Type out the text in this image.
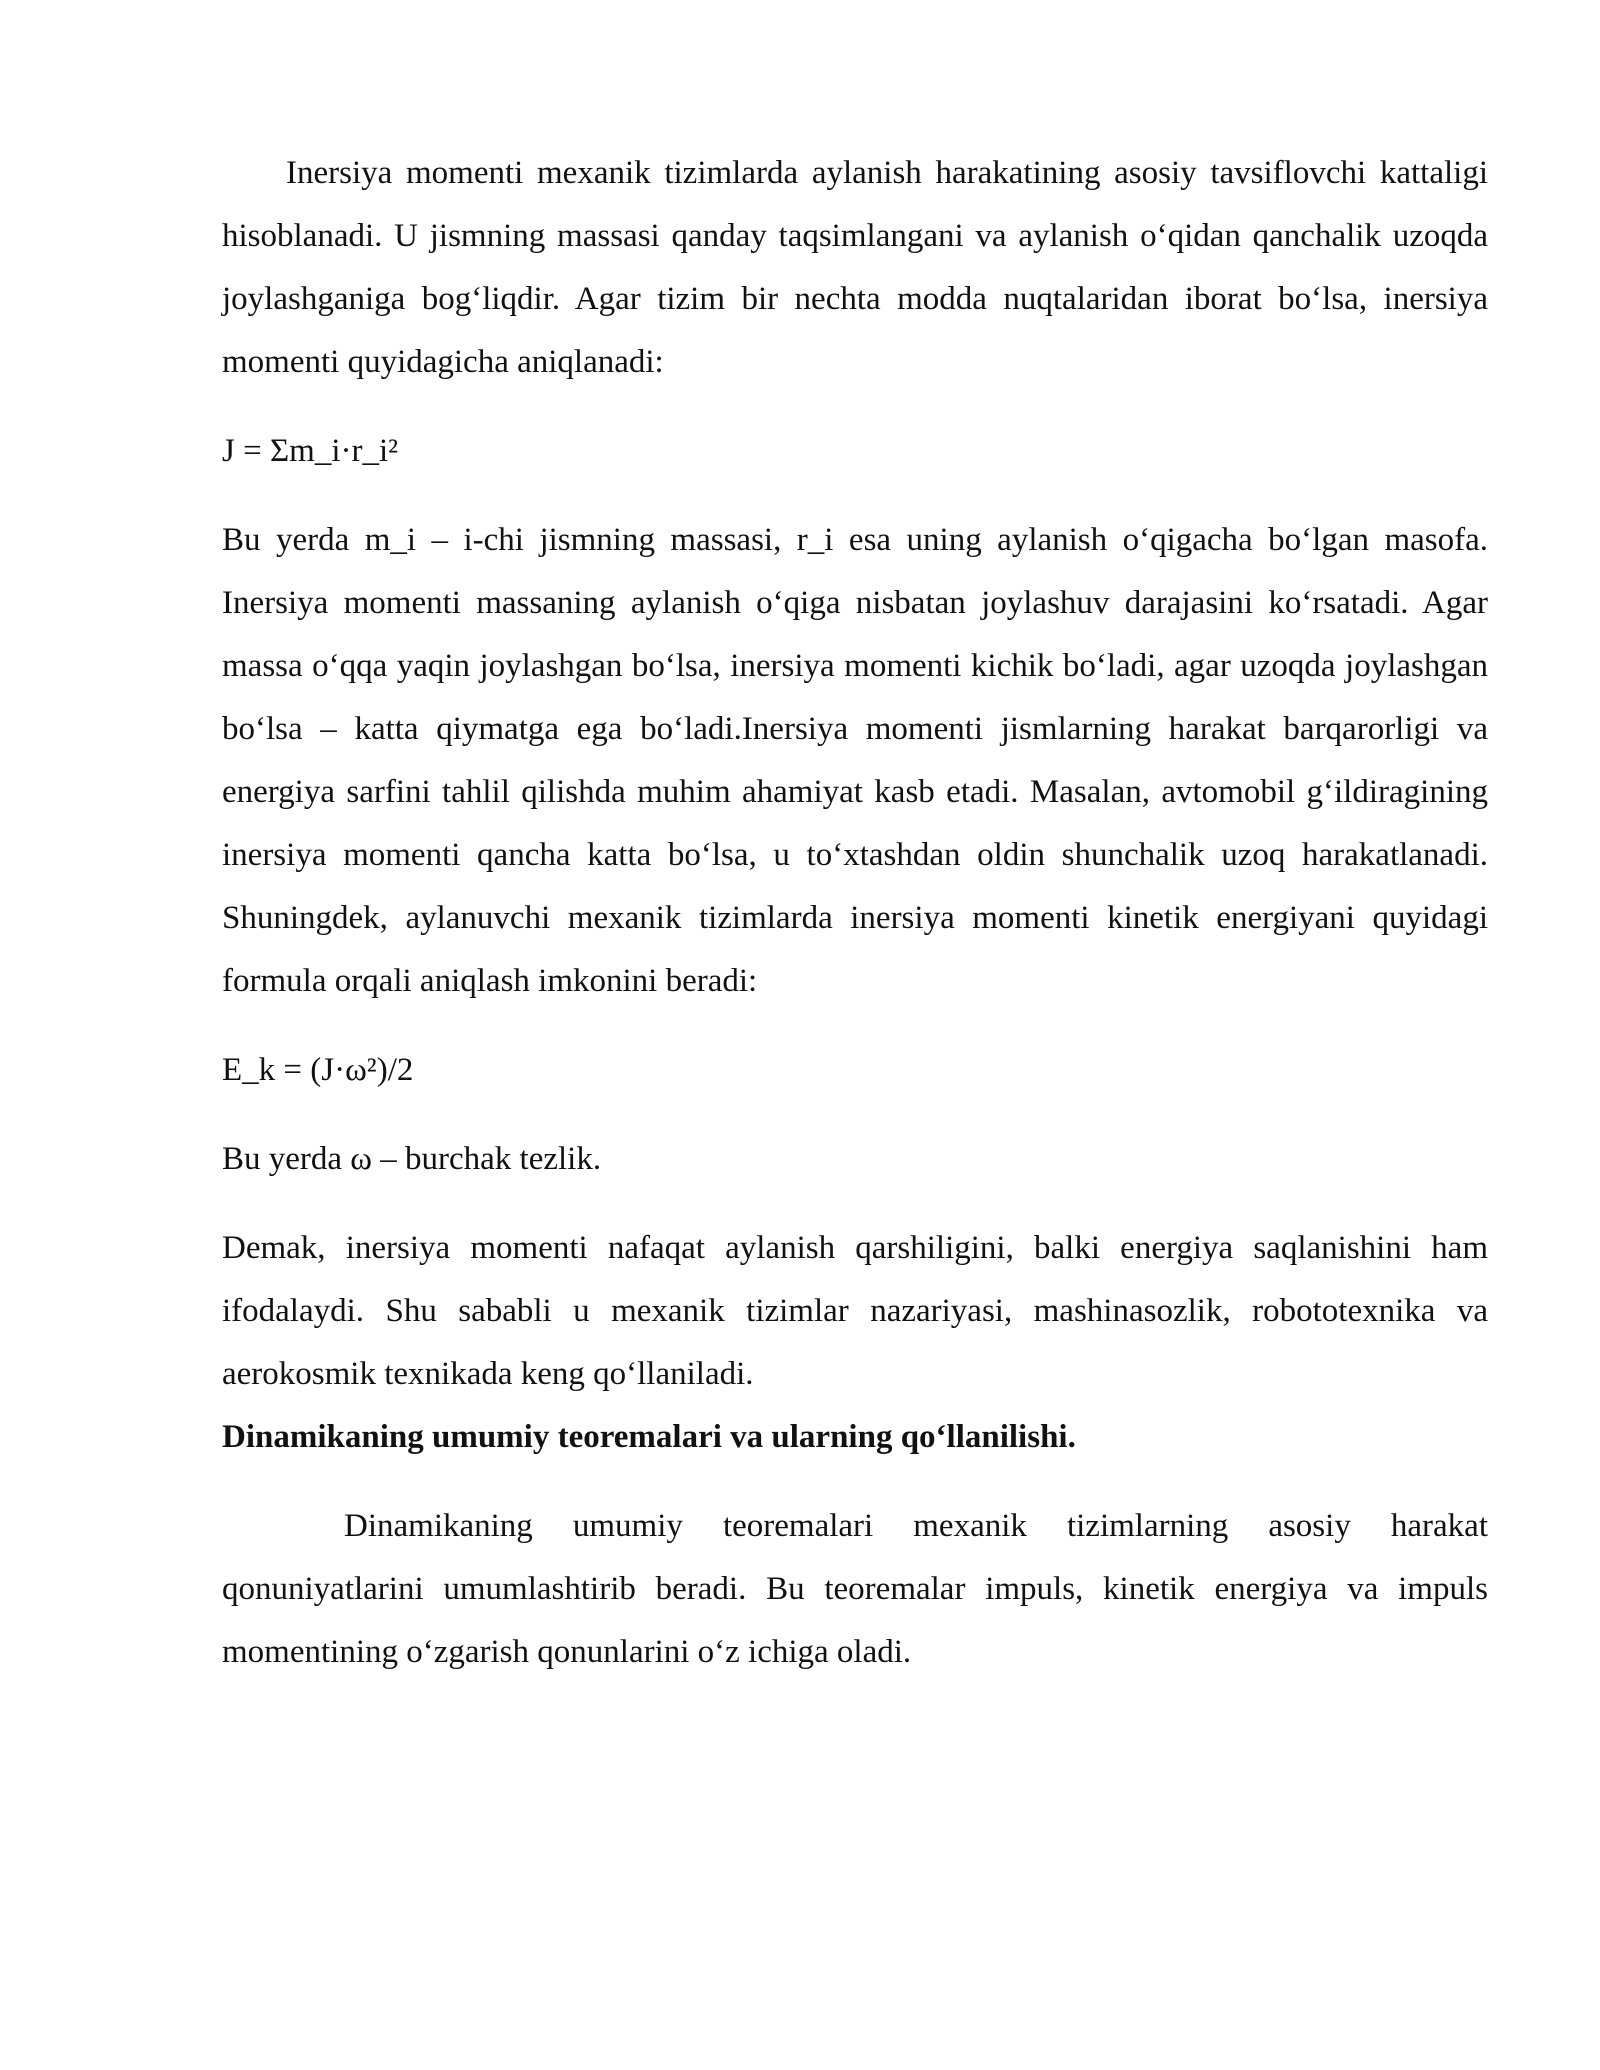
Inersiya momenti mexanik tizimlarda aylanish harakatining asosiy tavsiflovchi kattaligi hisoblanadi. U jismning massasi qanday taqsimlangani va aylanish o‘qidan qanchalik uzoqda joylashganiga bog‘liqdir. Agar tizim bir nechta modda nuqtalaridan iborat bo‘lsa, inersiya momenti quyidagicha aniqlanadi:

J = Σm_i·r_i²

Bu yerda m_i – i-chi jismning massasi, r_i esa uning aylanish o‘qigacha bo‘lgan masofa. Inersiya momenti massaning aylanish o‘qiga nisbatan joylashuv darajasini ko‘rsatadi. Agar massa o‘qqa yaqin joylashgan bo‘lsa, inersiya momenti kichik bo‘ladi, agar uzoqda joylashgan bo‘lsa – katta qiymatga ega bo‘ladi.Inersiya momenti jismlarning harakat barqarorligi va energiya sarfini tahlil qilishda muhim ahamiyat kasb etadi. Masalan, avtomobil g‘ildiragining inersiya momenti qancha katta bo‘lsa, u to‘xtashdan oldin shunchalik uzoq harakatlanadi. Shuningdek, aylanuvchi mexanik tizimlarda inersiya momenti kinetik energiyani quyidagi formula orqali aniqlash imkonini beradi:

E_k = (J·ω²)/2

Bu yerda ω – burchak tezlik.

Demak, inersiya momenti nafaqat aylanish qarshiligini, balki energiya saqlanishini ham ifodalaydi. Shu sababli u mexanik tizimlar nazariyasi, mashinasozlik, robototexnika va aerokosmik texnikada keng qo‘llaniladi.

Dinamikaning umumiy teoremalari va ularning qo‘llanilishi.

Dinamikaning umumiy teoremalari mexanik tizimlarning asosiy harakat qonuniyatlarini umumlashtirib beradi. Bu teoremalar impuls, kinetik energiya va impuls momentining o‘zgarish qonunlarini o‘z ichiga oladi.
